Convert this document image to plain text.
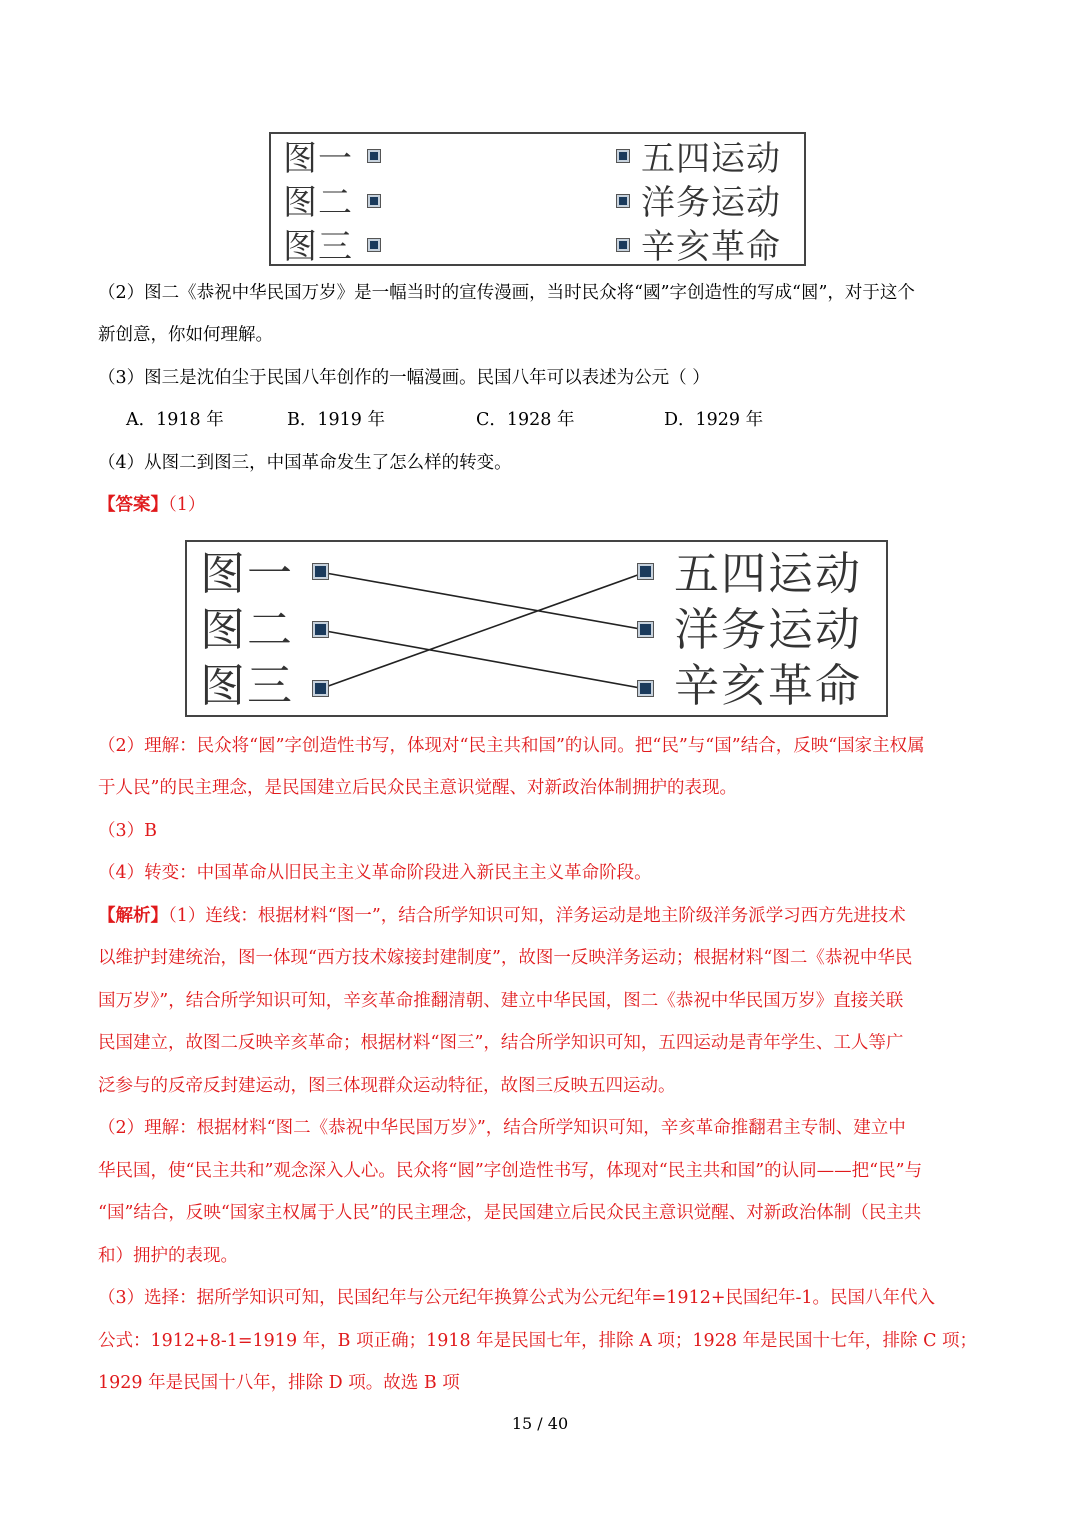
图一
图二
图三
五四运动
洋务运动
辛亥革命
（2）图二《恭祝中华民国万岁》是一幅当时的宣传漫画，当时民众将“國”字创造性的写成“囻”，对于这个
新创意，你如何理解。
（3）图三是沈伯尘于民国八年创作的一幅漫画。民国八年可以表述为公元（ ）
A．1918 年	B．1919 年	C．1928 年	D．1929 年
（4）从图二到图三，中国革命发生了怎么样的转变。
【答案】（1）
图一
图二
图三
五四运动
洋务运动
辛亥革命
（2）理解：民众将“囻”字创造性书写，体现对“民主共和国”的认同。把“民”与“国”结合，反映“国家主权属
于人民”的民主理念，是民国建立后民众民主意识觉醒、对新政治体制拥护的表现。
（3）B
（4）转变：中国革命从旧民主主义革命阶段进入新民主主义革命阶段。
【解析】（1）连线：根据材料“图一”，结合所学知识可知，洋务运动是地主阶级洋务派学习西方先进技术
以维护封建统治，图一体现“西方技术嫁接封建制度”，故图一反映洋务运动；根据材料“图二《恭祝中华民
国万岁》”，结合所学知识可知，辛亥革命推翻清朝、建立中华民国，图二《恭祝中华民国万岁》直接关联
民国建立，故图二反映辛亥革命；根据材料“图三”，结合所学知识可知，五四运动是青年学生、工人等广
泛参与的反帝反封建运动，图三体现群众运动特征，故图三反映五四运动。
（2）理解：根据材料“图二《恭祝中华民国万岁》”，结合所学知识可知，辛亥革命推翻君主专制、建立中
华民国，使“民主共和”观念深入人心。民众将“囻”字创造性书写，体现对“民主共和国”的认同——把“民”与
“国”结合，反映“国家主权属于人民”的民主理念，是民国建立后民众民主意识觉醒、对新政治体制（民主共
和）拥护的表现。
（3）选择：据所学知识可知，民国纪年与公元纪年换算公式为公元纪年=1912+民国纪年-1。民国八年代入
公式：1912+8-1=1919 年，B 项正确；1918 年是民国七年，排除 A 项；1928 年是民国十七年，排除 C 项；
1929 年是民国十八年，排除 D 项。故选 B 项
15 / 40
